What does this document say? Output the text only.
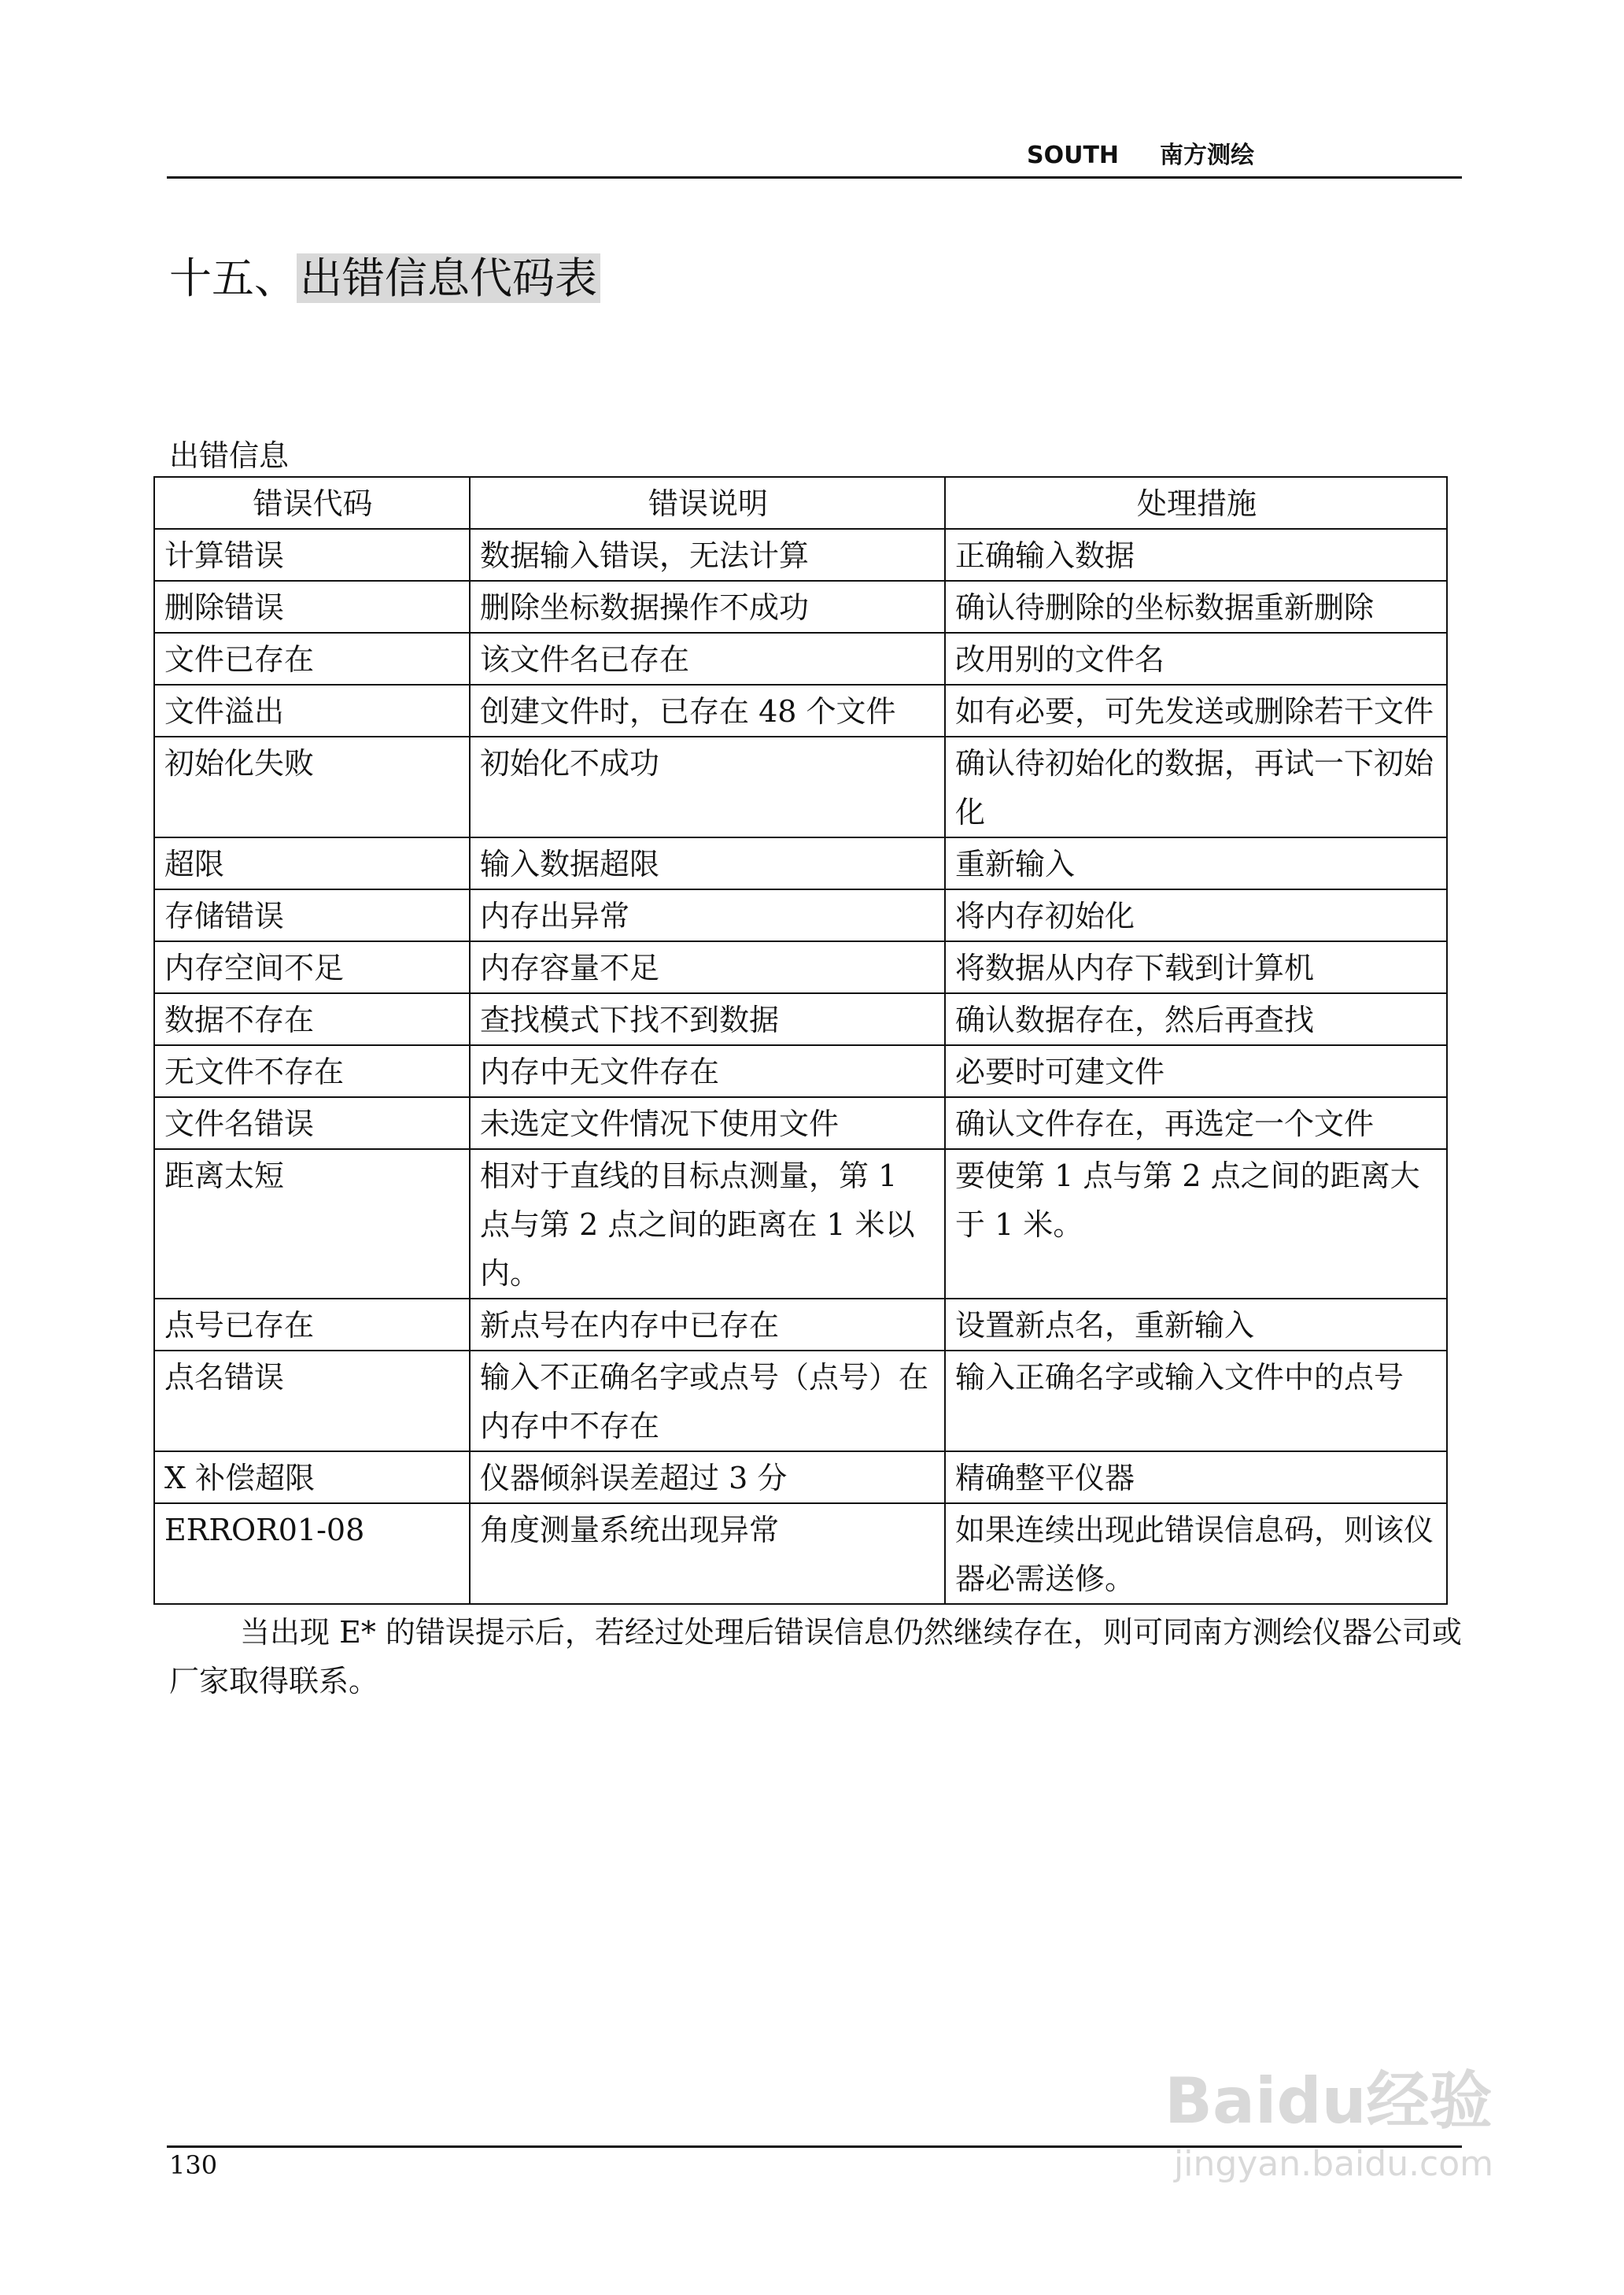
SOUTH 南方测绘
十五、出错信息代码表
出错信息
错误代码	错误说明	处理措施
计算错误	数据输入错误，无法计算	正确输入数据
删除错误	删除坐标数据操作不成功	确认待删除的坐标数据重新删除
文件已存在	该文件名已存在	改用别的文件名
文件溢出	创建文件时，已存在 48 个文件	如有必要，可先发送或删除若干文件
初始化失败	初始化不成功	确认待初始化的数据，再试一下初始化
超限	输入数据超限	重新输入
存储错误	内存出异常	将内存初始化
内存空间不足	内存容量不足	将数据从内存下载到计算机
数据不存在	查找模式下找不到数据	确认数据存在，然后再查找
无文件不存在	内存中无文件存在	必要时可建文件
文件名错误	未选定文件情况下使用文件	确认文件存在，再选定一个文件
距离太短	相对于直线的目标点测量，第 1 点与第 2 点之间的距离在 1 米以内。	要使第 1 点与第 2 点之间的距离大于 1 米。
点号已存在	新点号在内存中已存在	设置新点名，重新输入
点名错误	输入不正确名字或点号（点号）在内存中不存在	输入正确名字或输入文件中的点号
X 补偿超限	仪器倾斜误差超过 3 分	精确整平仪器
ERROR01-08	角度测量系统出现异常	如果连续出现此错误信息码，则该仪器必需送修。
当出现 E* 的错误提示后，若经过处理后错误信息仍然继续存在，则可同南方测绘仪器公司或厂家取得联系。
130
Baidu经验
jingyan.baidu.com
